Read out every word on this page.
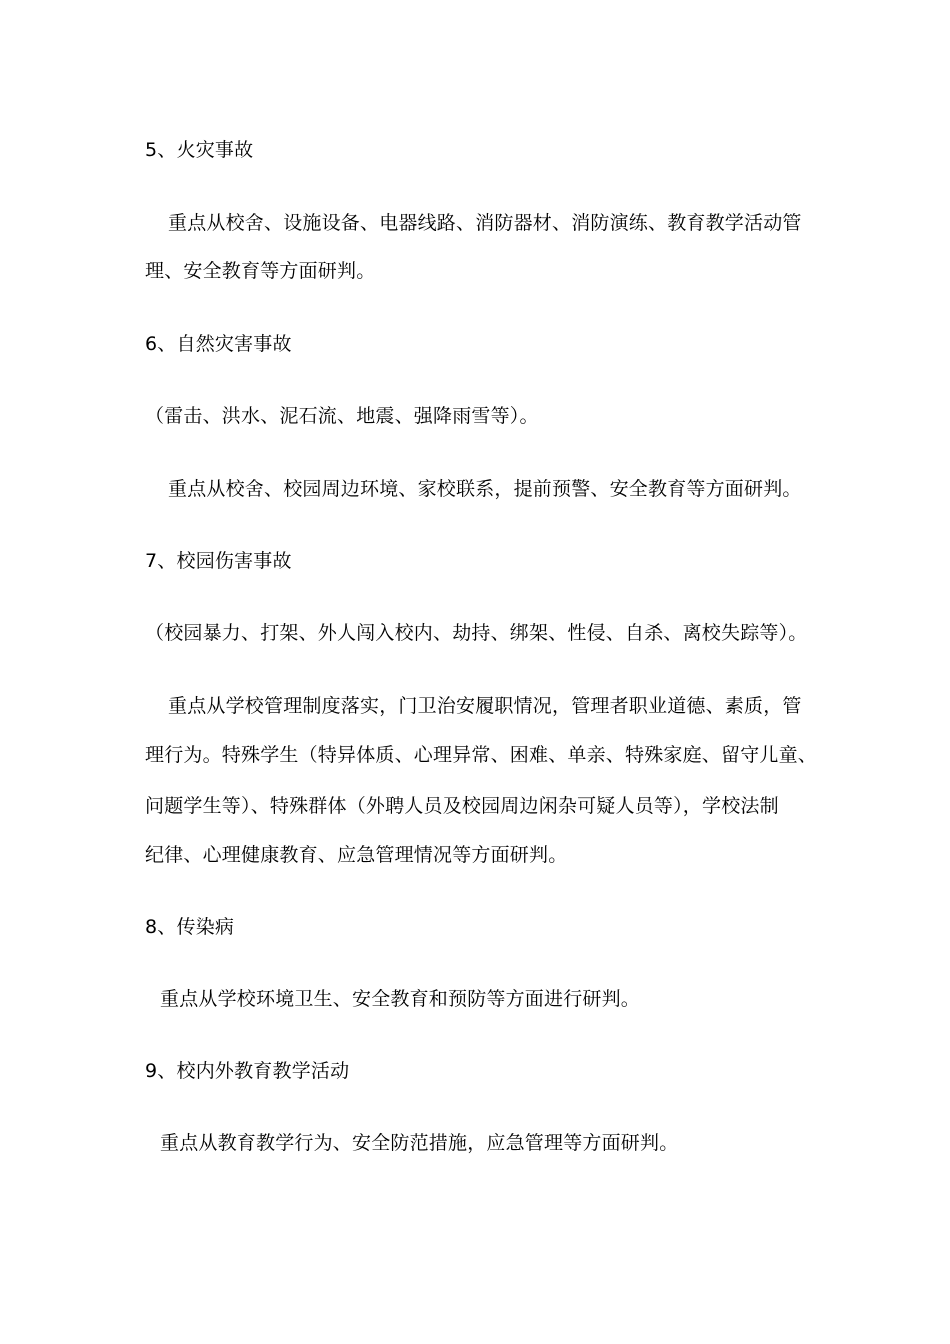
5、火灾事故
重点从校舍、设施设备、电器线路、消防器材、消防演练、教育教学活动管
理、安全教育等方面研判。
6、自然灾害事故
（雷击、洪水、泥石流、地震、强降雨雪等）。
重点从校舍、校园周边环境、家校联系，提前预警、安全教育等方面研判。
7、校园伤害事故
（校园暴力、打架、外人闯入校内、劫持、绑架、性侵、自杀、离校失踪等）。
重点从学校管理制度落实，门卫治安履职情况，管理者职业道德、素质，管
理行为。特殊学生（特异体质、心理异常、困难、单亲、特殊家庭、留守儿童、
问题学生等）、特殊群体（外聘人员及校园周边闲杂可疑人员等），学校法制
纪律、心理健康教育、应急管理情况等方面研判。
8、传染病
重点从学校环境卫生、安全教育和预防等方面进行研判。
9、校内外教育教学活动
重点从教育教学行为、安全防范措施，应急管理等方面研判。
